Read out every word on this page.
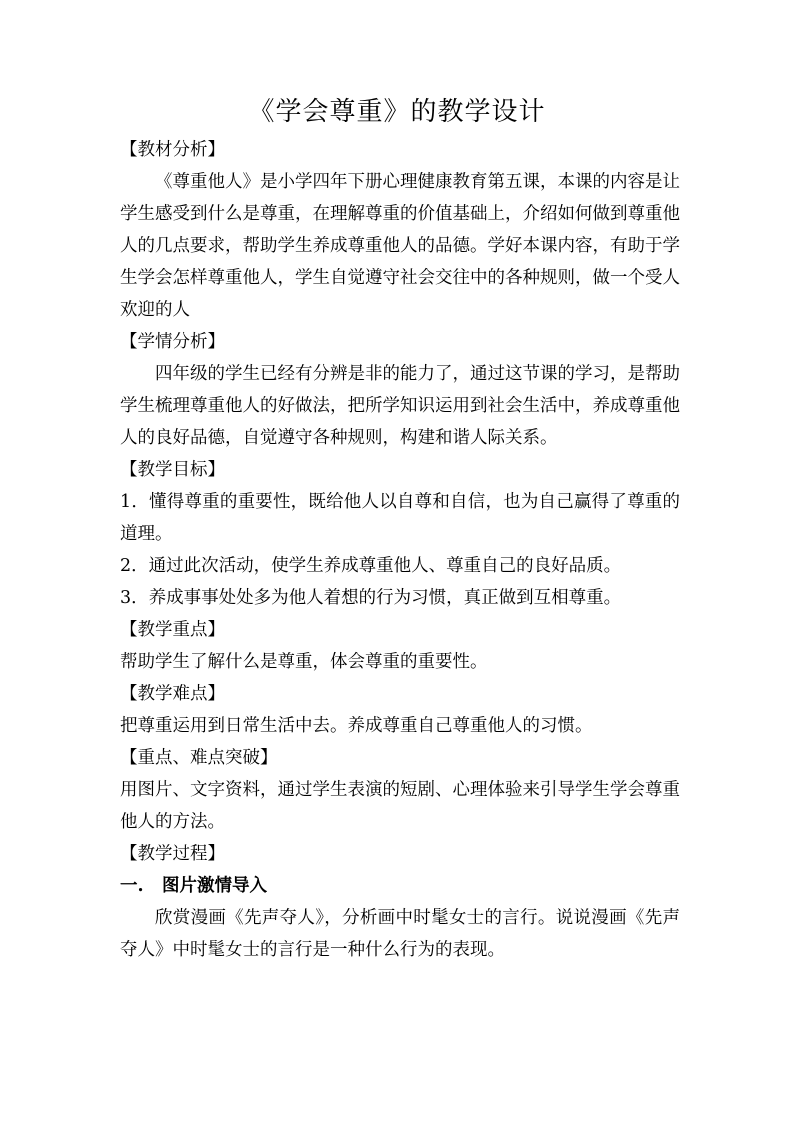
《学会尊重》的教学设计
【教材分析】

《尊重他人》是小学四年下册心理健康教育第五课，本课的内容是让学生感受到什么是尊重，在理解尊重的价值基础上，介绍如何做到尊重他人的几点要求，帮助学生养成尊重他人的品德。学好本课内容，有助于学生学会怎样尊重他人，学生自觉遵守社会交往中的各种规则，做一个受人欢迎的人

【学情分析】

四年级的学生已经有分辨是非的能力了，通过这节课的学习，是帮助学生梳理尊重他人的好做法，把所学知识运用到社会生活中，养成尊重他人的良好品德，自觉遵守各种规则，构建和谐人际关系。

【教学目标】

1．懂得尊重的重要性，既给他人以自尊和自信，也为自己赢得了尊重的道理。

2．通过此次活动，使学生养成尊重他人、尊重自己的良好品质。

3．养成事事处处多为他人着想的行为习惯，真正做到互相尊重。

【教学重点】

帮助学生了解什么是尊重，体会尊重的重要性。

【教学难点】

把尊重运用到日常生活中去。养成尊重自己尊重他人的习惯。

【重点、难点突破】

用图片、文字资料，通过学生表演的短剧、心理体验来引导学生学会尊重他人的方法。

【教学过程】
一. 图片激情导入

欣赏漫画《先声夺人》，分析画中时髦女士的言行。说说漫画《先声夺人》中时髦女士的言行是一种什么行为的表现。
